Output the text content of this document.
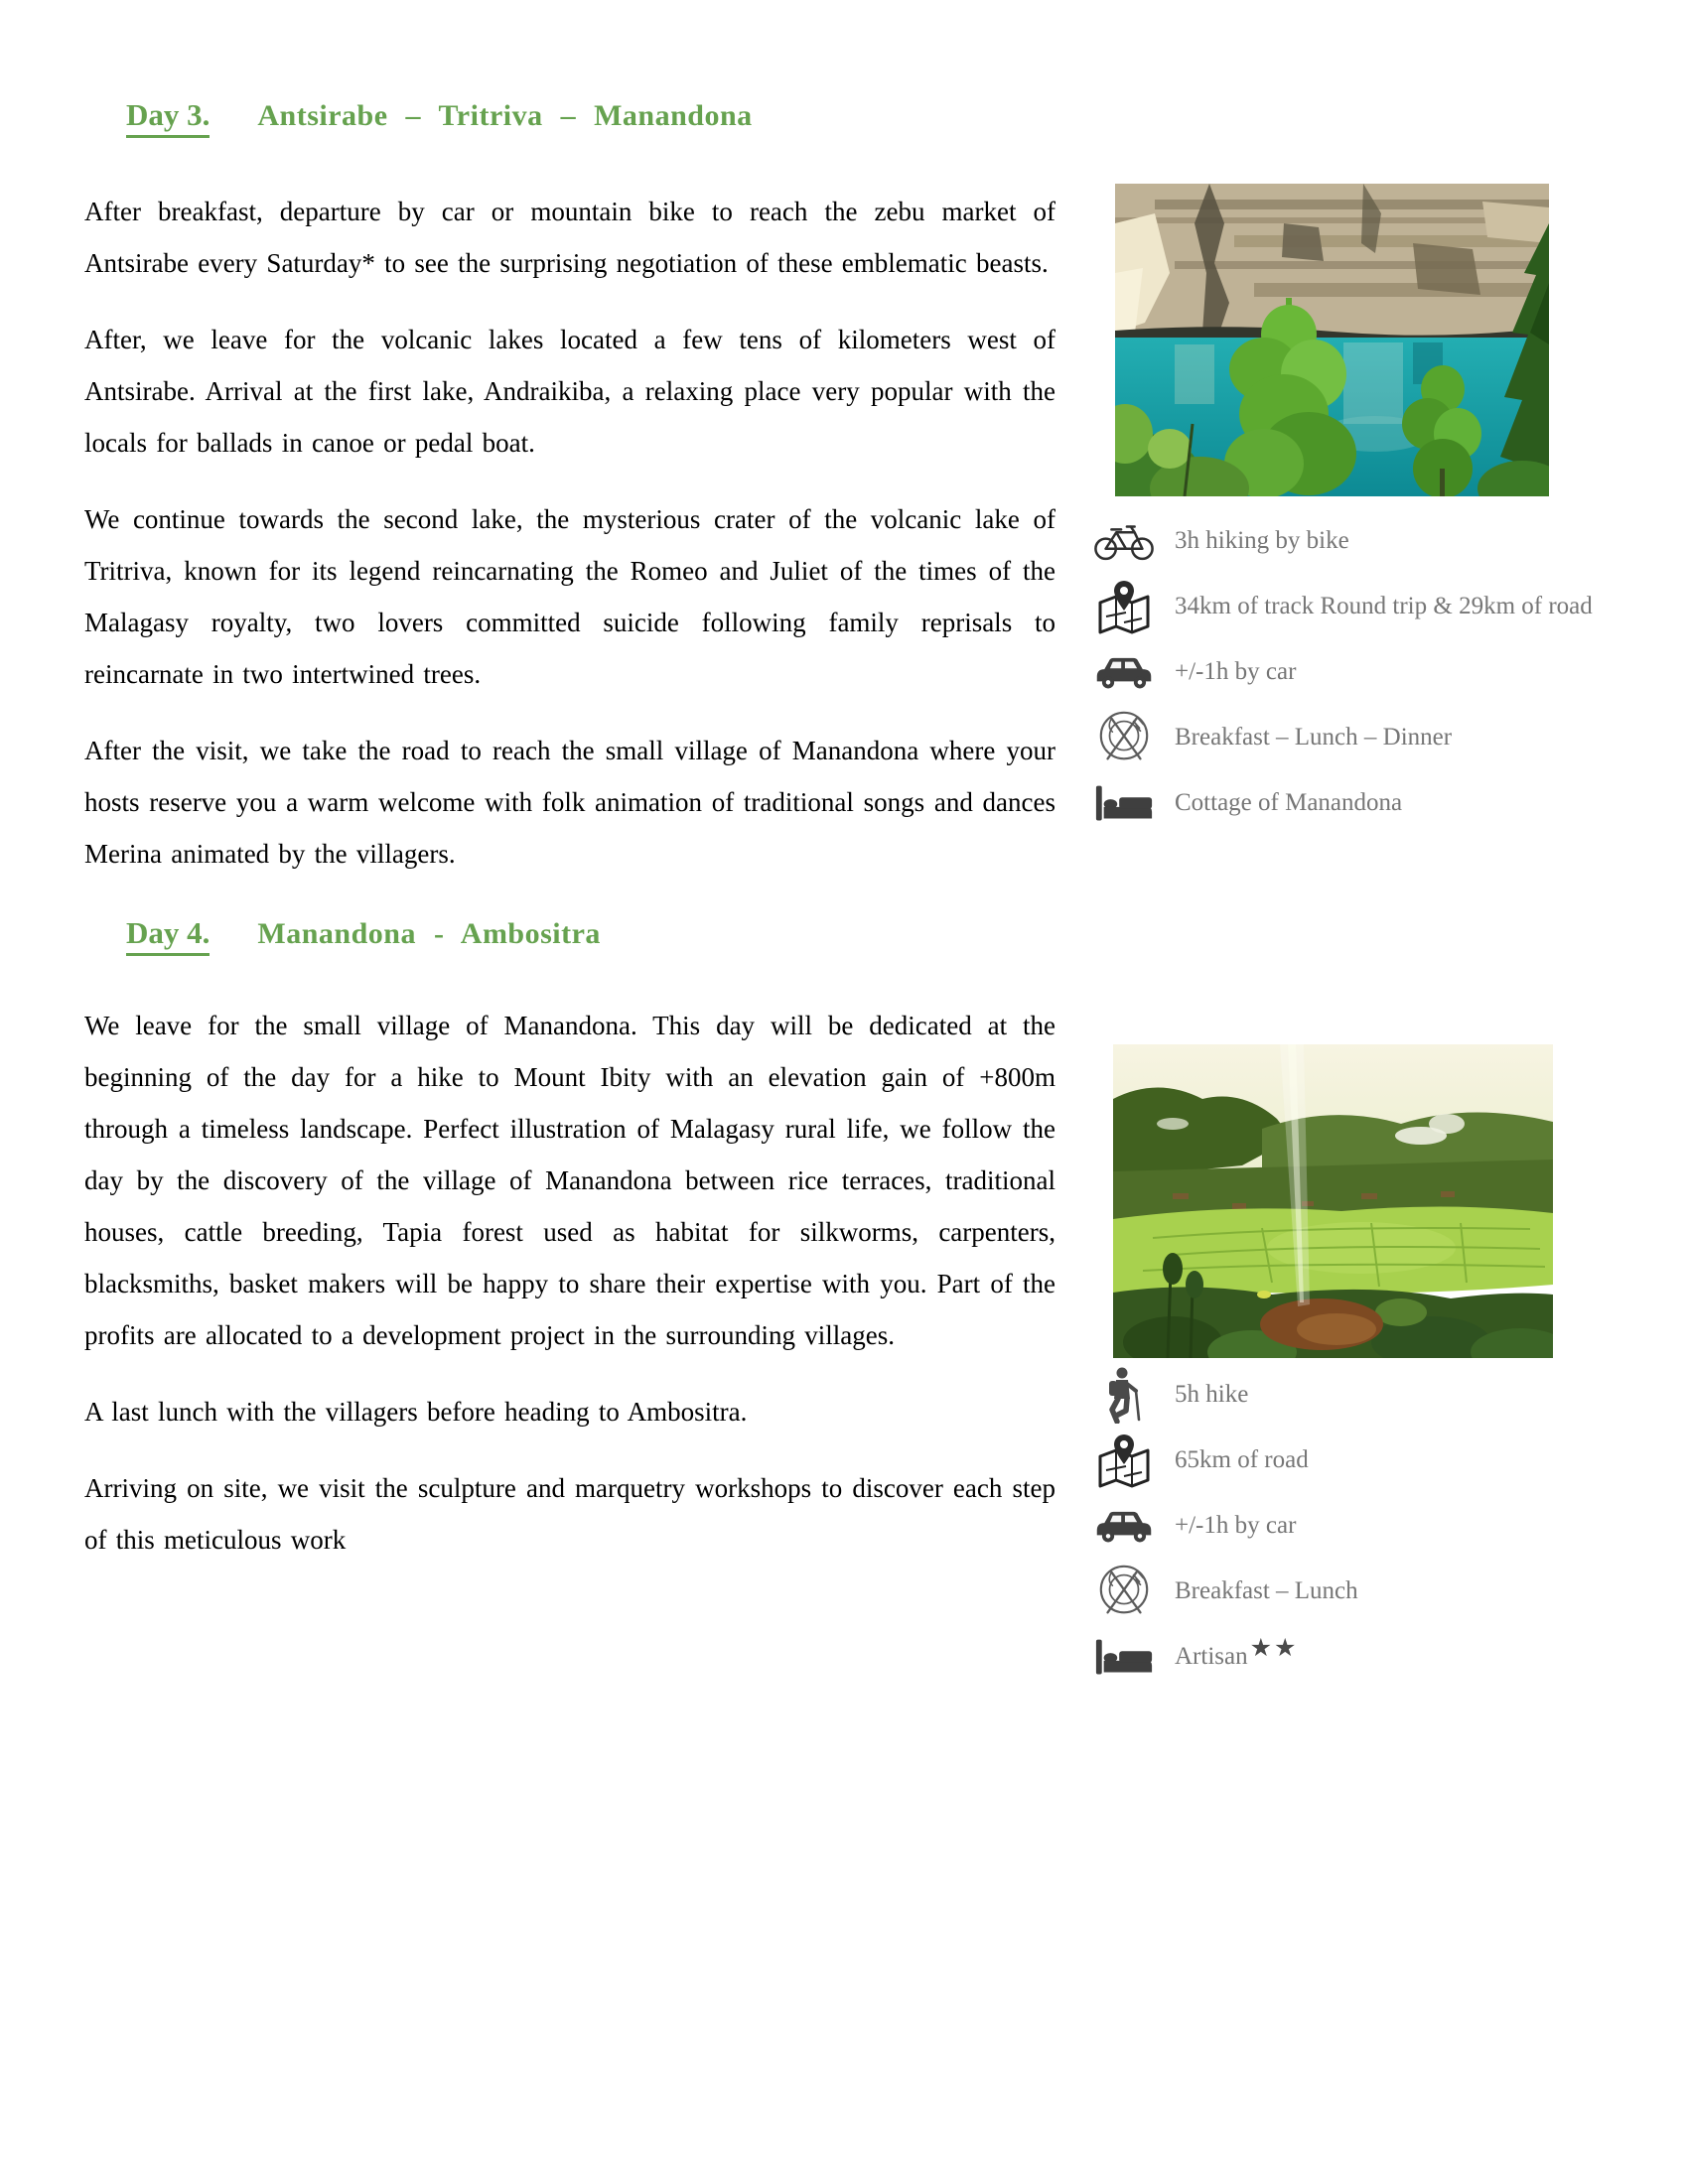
Day 3. Antsirabe – Tritriva – Manandona

After breakfast, departure by car or mountain bike to reach the zebu market of Antsirabe every Saturday* to see the surprising negotiation of these emblematic beasts.

After, we leave for the volcanic lakes located a few tens of kilometers west of Antsirabe. Arrival at the first lake, Andraikiba, a relaxing place very popular with the locals for ballads in canoe or pedal boat.

We continue towards the second lake, the mysterious crater of the volcanic lake of Tritriva, known for its legend reincarnating the Romeo and Juliet of the times of the Malagasy royalty, two lovers committed suicide following family reprisals to reincarnate in two intertwined trees.

After the visit, we take the road to reach the small village of Manandona where your hosts reserve you a warm welcome with folk animation of traditional songs and dances Merina animated by the villagers.

Day 4. Manandona - Ambositra

We leave for the small village of Manandona. This day will be dedicated at the beginning of the day for a hike to Mount Ibity with an elevation gain of +800m through a timeless landscape. Perfect illustration of Malagasy rural life, we follow the day by the discovery of the village of Manandona between rice terraces, traditional houses, cattle breeding, Tapia forest used as habitat for silkworms, carpenters, blacksmiths, basket makers will be happy to share their expertise with you. Part of the profits are allocated to a development project in the surrounding villages.

A last lunch with the villagers before heading to Ambositra.

Arriving on site, we visit the sculpture and marquetry workshops to discover each step of this meticulous work

3h hiking by bike
34km of track Round trip & 29km of road
+/-1h by car
Breakfast – Lunch – Dinner
Cottage of Manandona
5h hike
65km of road
+/-1h by car
Breakfast – Lunch
Artisan ★★
